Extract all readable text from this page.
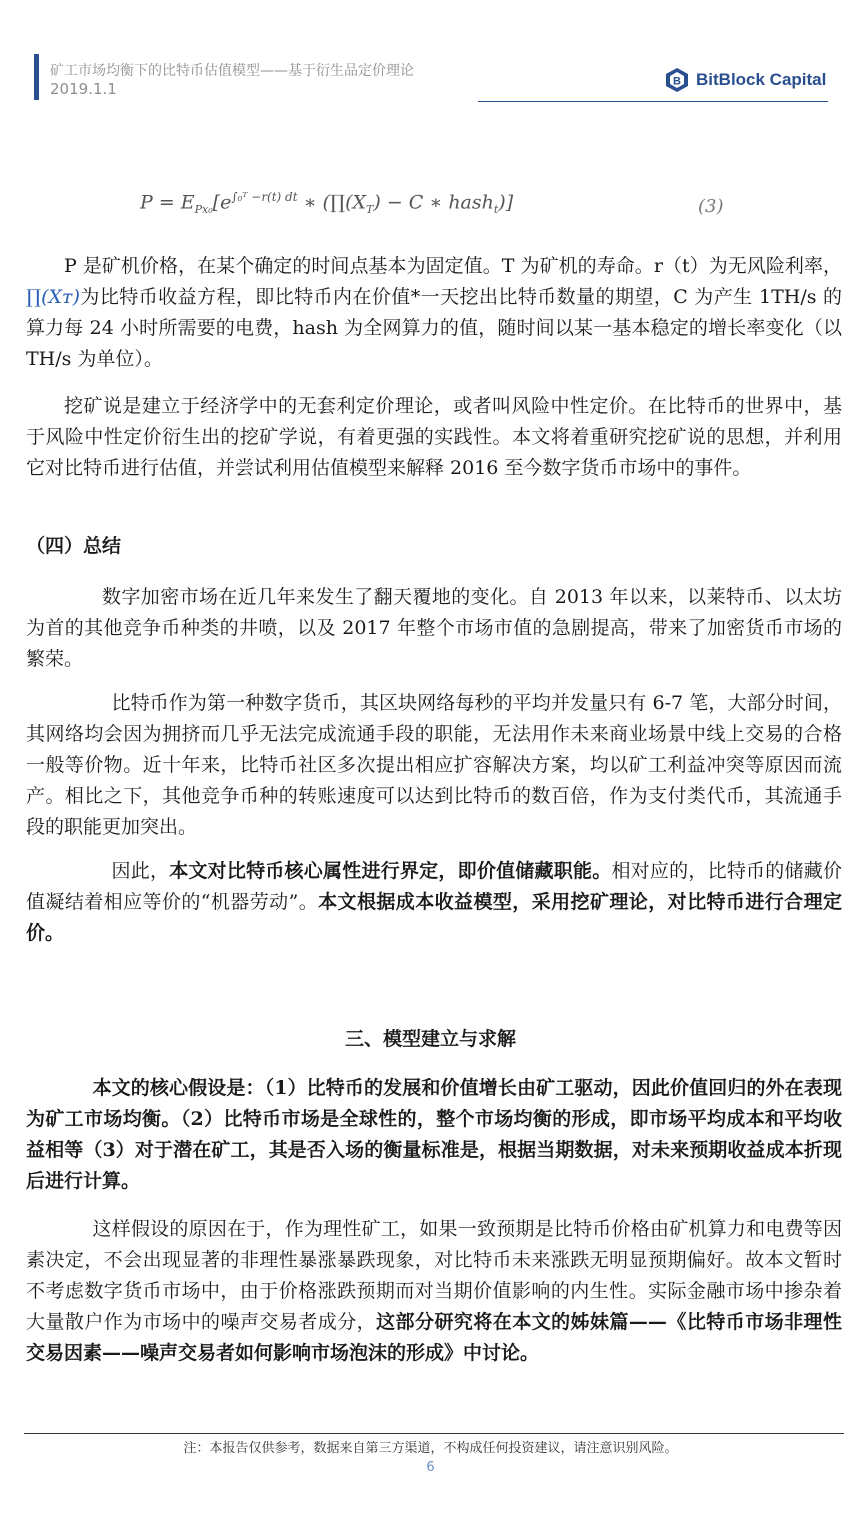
矿工市场均衡下的比特币估值模型——基于衍生品定价理论
2019.1.1	B BitBlock Capital
$P = E_{Px_0}[e^{\int_0ᵀ -r(t) dt}$ ∗ ($\prod(X_T) - C$ ∗ hash$_t$)]	(3)
P 是矿机价格，在某个确定的时间点基本为固定值。T 为矿机的寿命。r（t）为无风险利率，∏(Xᴛ)为比特币收益方程，即比特币内在价值*一天挖出比特币数量的期望，C 为产生 1TH/s 的算力每 24 小时所需要的电费，hash 为全网算力的值，随时间以某一基本稳定的增长率变化（以 TH/s 为单位）。
挖矿说是建立于经济学中的无套利定价理论，或者叫风险中性定价。在比特币的世界中，基于风险中性定价衍生出的挖矿学说，有着更强的实践性。本文将着重研究挖矿说的思想，并利用它对比特币进行估值，并尝试利用估值模型来解释 2016 至今数字货币市场中的事件。
（四）总结
数字加密市场在近几年来发生了翻天覆地的变化。自 2013 年以来，以莱特币、以太坊为首的其他竞争币种类的井喷，以及 2017 年整个市场市值的急剧提高，带来了加密货币市场的繁荣。
比特币作为第一种数字货币，其区块网络每秒的平均并发量只有 6-7 笔，大部分时间，其网络均会因为拥挤而几乎无法完成流通手段的职能，无法用作未来商业场景中线上交易的合格一般等价物。近十年来，比特币社区多次提出相应扩容解决方案，均以矿工利益冲突等原因而流产。相比之下，其他竞争币种的转账速度可以达到比特币的数百倍，作为支付类代币，其流通手段的职能更加突出。
因此，本文对比特币核心属性进行界定，即价值储藏职能。相对应的，比特币的储藏价值凝结着相应等价的“机器劳动”。本文根据成本收益模型，采用挖矿理论，对比特币进行合理定价。
三、模型建立与求解
本文的核心假设是：（1）比特币的发展和价值增长由矿工驱动，因此价值回归的外在表现为矿工市场均衡。（2）比特币市场是全球性的，整个市场均衡的形成，即市场平均成本和平均收益相等（3）对于潜在矿工，其是否入场的衡量标准是，根据当期数据，对未来预期收益成本折现后进行计算。
这样假设的原因在于，作为理性矿工，如果一致预期是比特币价格由矿机算力和电费等因素决定，不会出现显著的非理性暴涨暴跌现象，对比特币未来涨跌无明显预期偏好。故本文暂时不考虑数字货币市场中，由于价格涨跌预期而对当期价值影响的内生性。实际金融市场中掺杂着大量散户作为市场中的噪声交易者成分，这部分研究将在本文的姊妹篇——《比特币市场非理性交易因素——噪声交易者如何影响市场泡沫的形成》中讨论。
注：本报告仅供参考，数据来自第三方渠道，不构成任何投资建议，请注意识别风险。
6
